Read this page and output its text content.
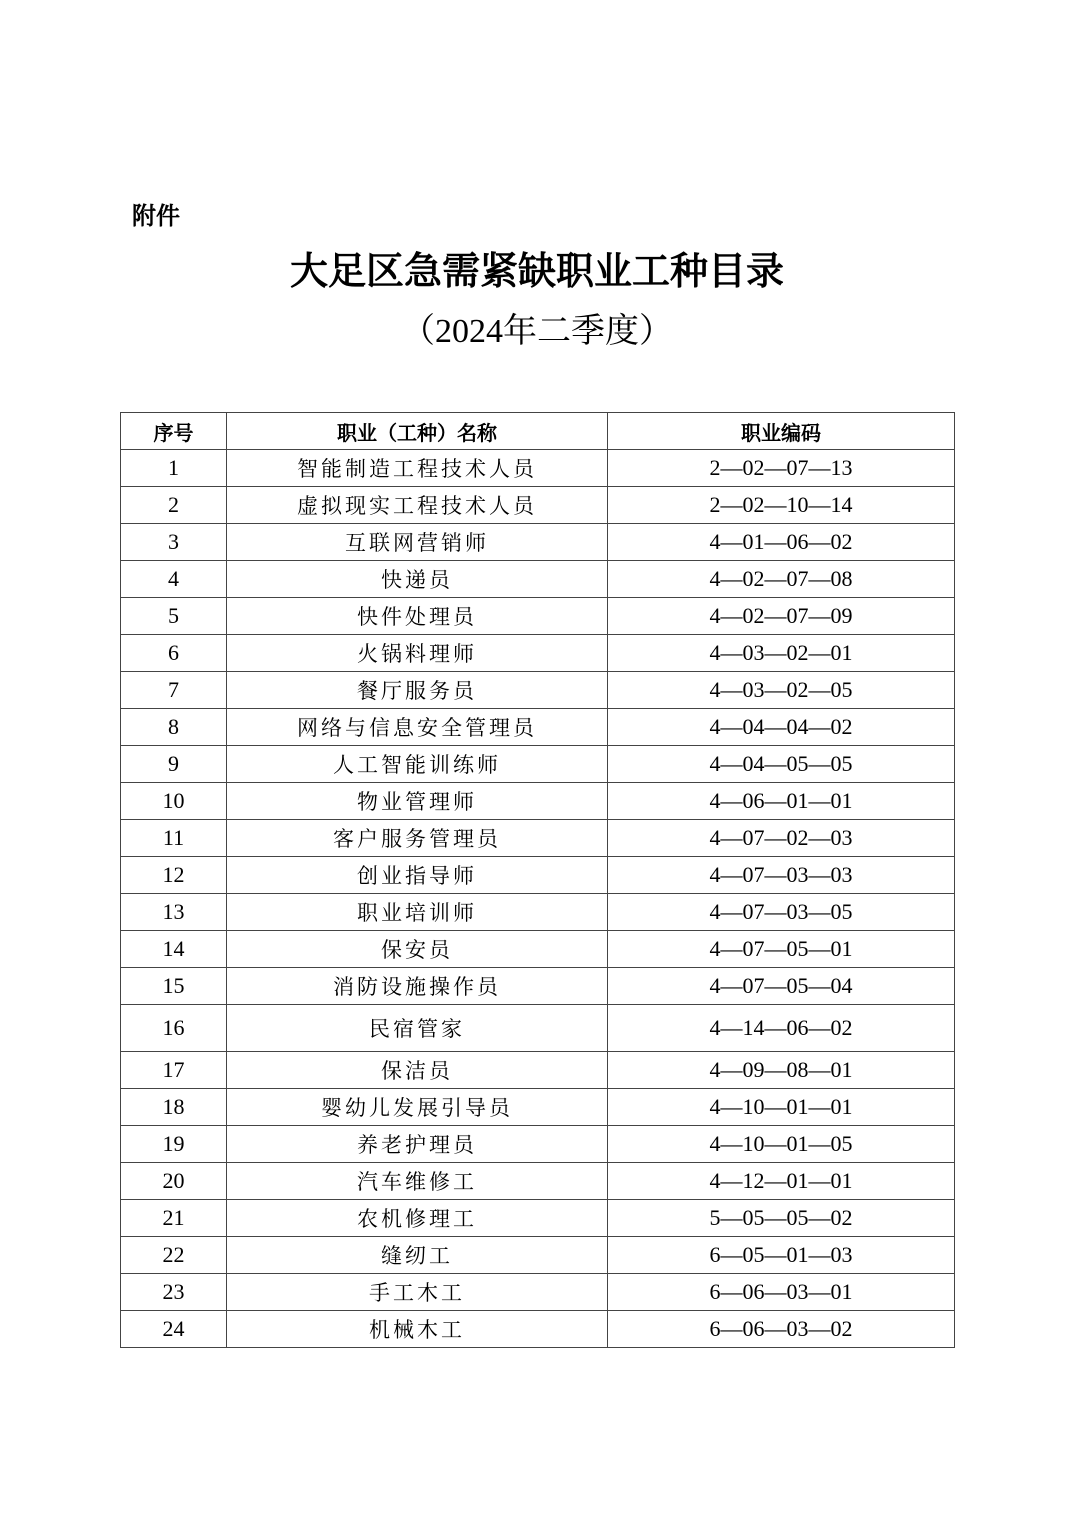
附件
大足区急需紧缺职业工种目录
（2024年二季度）
序号	职业（工种）名称	职业编码
1	智能制造工程技术人员	2—02—07—13
2	虚拟现实工程技术人员	2—02—10—14
3	互联网营销师	4—01—06—02
4	快递员	4—02—07—08
5	快件处理员	4—02—07—09
6	火锅料理师	4—03—02—01
7	餐厅服务员	4—03—02—05
8	网络与信息安全管理员	4—04—04—02
9	人工智能训练师	4—04—05—05
10	物业管理师	4—06—01—01
11	客户服务管理员	4—07—02—03
12	创业指导师	4—07—03—03
13	职业培训师	4—07—03—05
14	保安员	4—07—05—01
15	消防设施操作员	4—07—05—04
16	民宿管家	4—14—06—02
17	保洁员	4—09—08—01
18	婴幼儿发展引导员	4—10—01—01
19	养老护理员	4—10—01—05
20	汽车维修工	4—12—01—01
21	农机修理工	5—05—05—02
22	缝纫工	6—05—01—03
23	手工木工	6—06—03—01
24	机械木工	6—06—03—02
